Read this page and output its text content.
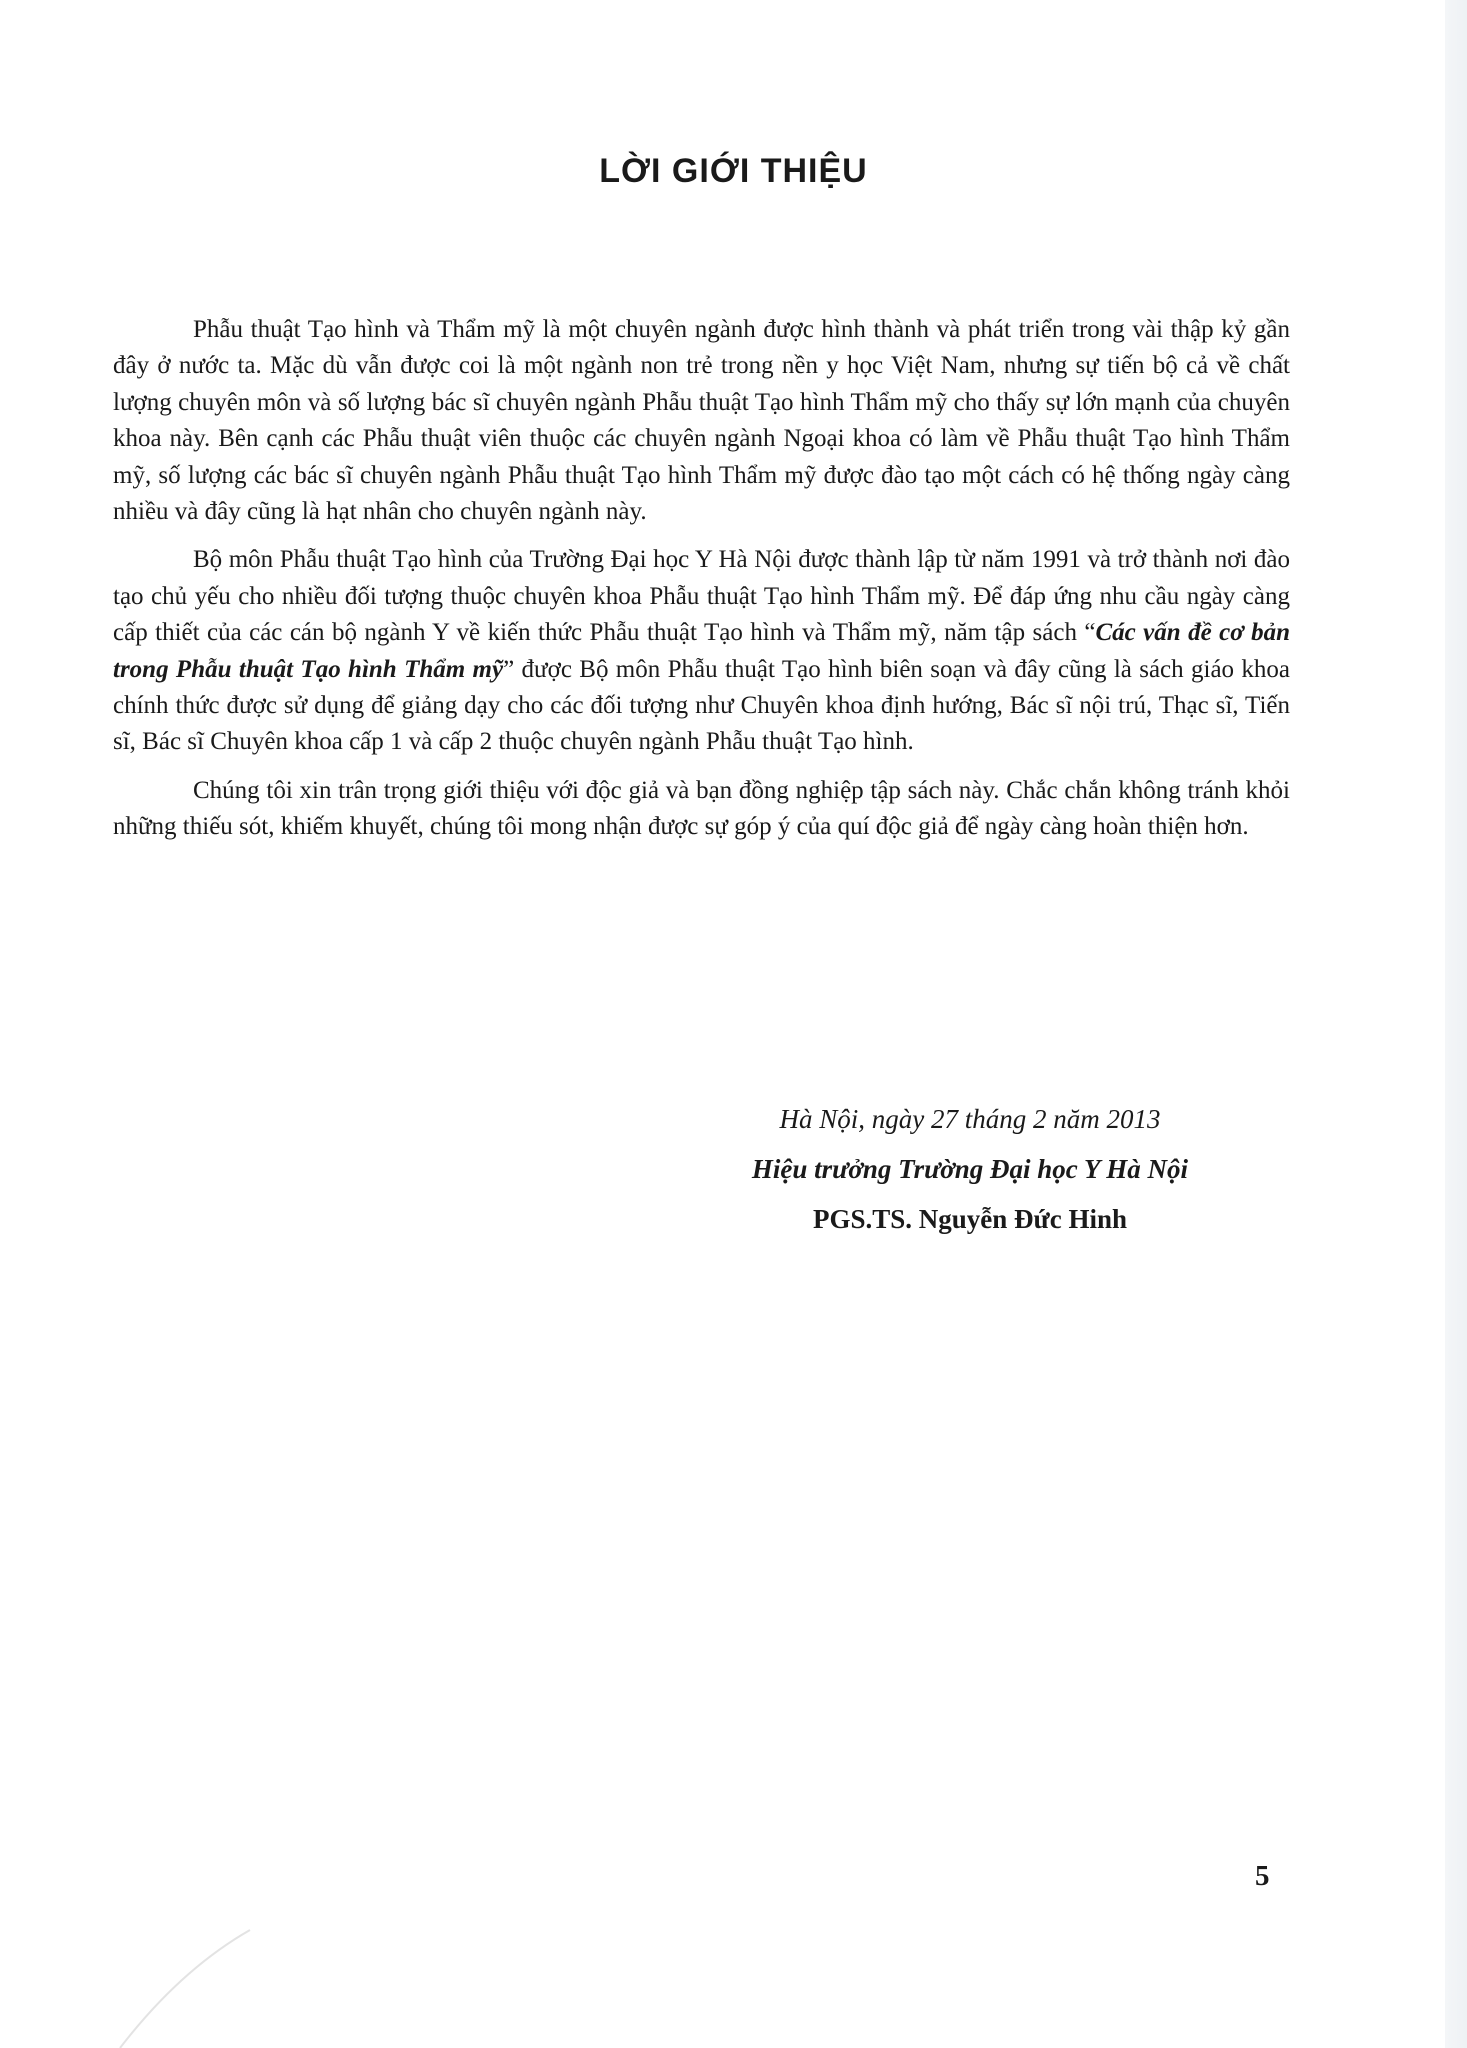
LỜI GIỚI THIỆU

Phẫu thuật Tạo hình và Thẩm mỹ là một chuyên ngành được hình thành và phát triển trong vài thập kỷ gần đây ở nước ta. Mặc dù vẫn được coi là một ngành non trẻ trong nền y học Việt Nam, nhưng sự tiến bộ cả về chất lượng chuyên môn và số lượng bác sĩ chuyên ngành Phẫu thuật Tạo hình Thẩm mỹ cho thấy sự lớn mạnh của chuyên khoa này. Bên cạnh các Phẫu thuật viên thuộc các chuyên ngành Ngoại khoa có làm về Phẫu thuật Tạo hình Thẩm mỹ, số lượng các bác sĩ chuyên ngành Phẫu thuật Tạo hình Thẩm mỹ được đào tạo một cách có hệ thống ngày càng nhiều và đây cũng là hạt nhân cho chuyên ngành này.

Bộ môn Phẫu thuật Tạo hình của Trường Đại học Y Hà Nội được thành lập từ năm 1991 và trở thành nơi đào tạo chủ yếu cho nhiều đối tượng thuộc chuyên khoa Phẫu thuật Tạo hình Thẩm mỹ. Để đáp ứng nhu cầu ngày càng cấp thiết của các cán bộ ngành Y về kiến thức Phẫu thuật Tạo hình và Thẩm mỹ, năm tập sách “Các vấn đề cơ bản trong Phẫu thuật Tạo hình Thẩm mỹ” được Bộ môn Phẫu thuật Tạo hình biên soạn và đây cũng là sách giáo khoa chính thức được sử dụng để giảng dạy cho các đối tượng như Chuyên khoa định hướng, Bác sĩ nội trú, Thạc sĩ, Tiến sĩ, Bác sĩ Chuyên khoa cấp 1 và cấp 2 thuộc chuyên ngành Phẫu thuật Tạo hình.

Chúng tôi xin trân trọng giới thiệu với độc giả và bạn đồng nghiệp tập sách này. Chắc chắn không tránh khỏi những thiếu sót, khiếm khuyết, chúng tôi mong nhận được sự góp ý của quí độc giả để ngày càng hoàn thiện hơn.

Hà Nội, ngày 27 tháng 2 năm 2013
Hiệu trưởng Trường Đại học Y Hà Nội
PGS.TS. Nguyễn Đức Hinh
5
